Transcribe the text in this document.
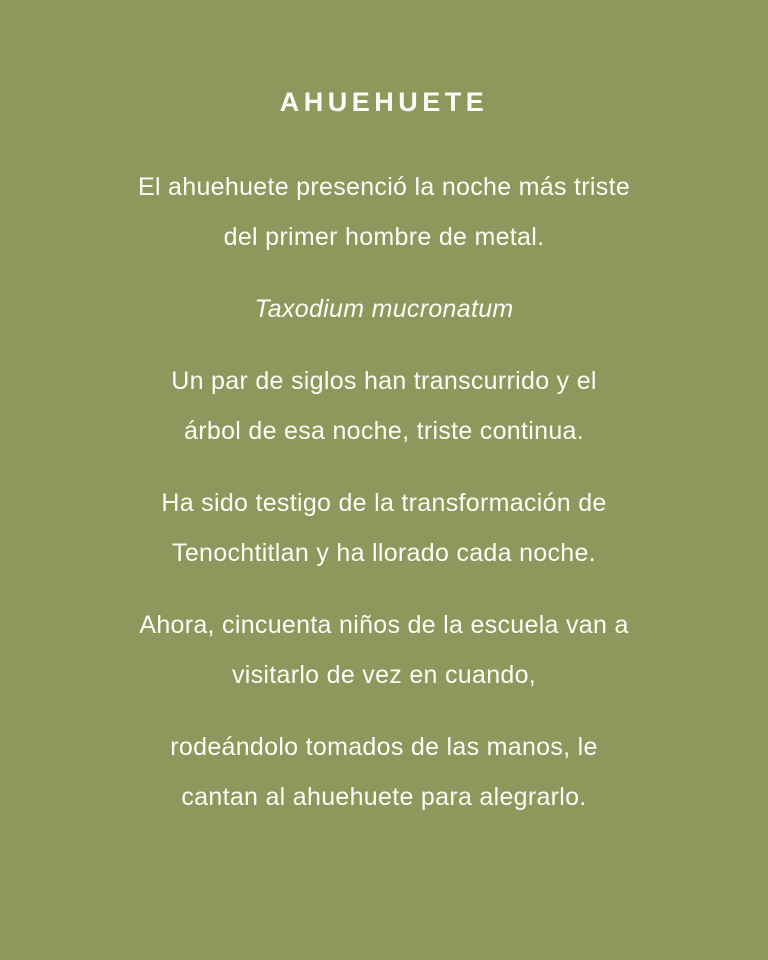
AHUEHUETE

El ahuehuete presenció la noche más triste
del primer hombre de metal.

Taxodium mucronatum

Un par de siglos han transcurrido y el
árbol de esa noche, triste continua.

Ha sido testigo de la transformación de
Tenochtitlan y ha llorado cada noche.

Ahora, cincuenta niños de la escuela van a
visitarlo de vez en cuando,

rodeándolo tomados de las manos, le
cantan al ahuehuete para alegrarlo.
